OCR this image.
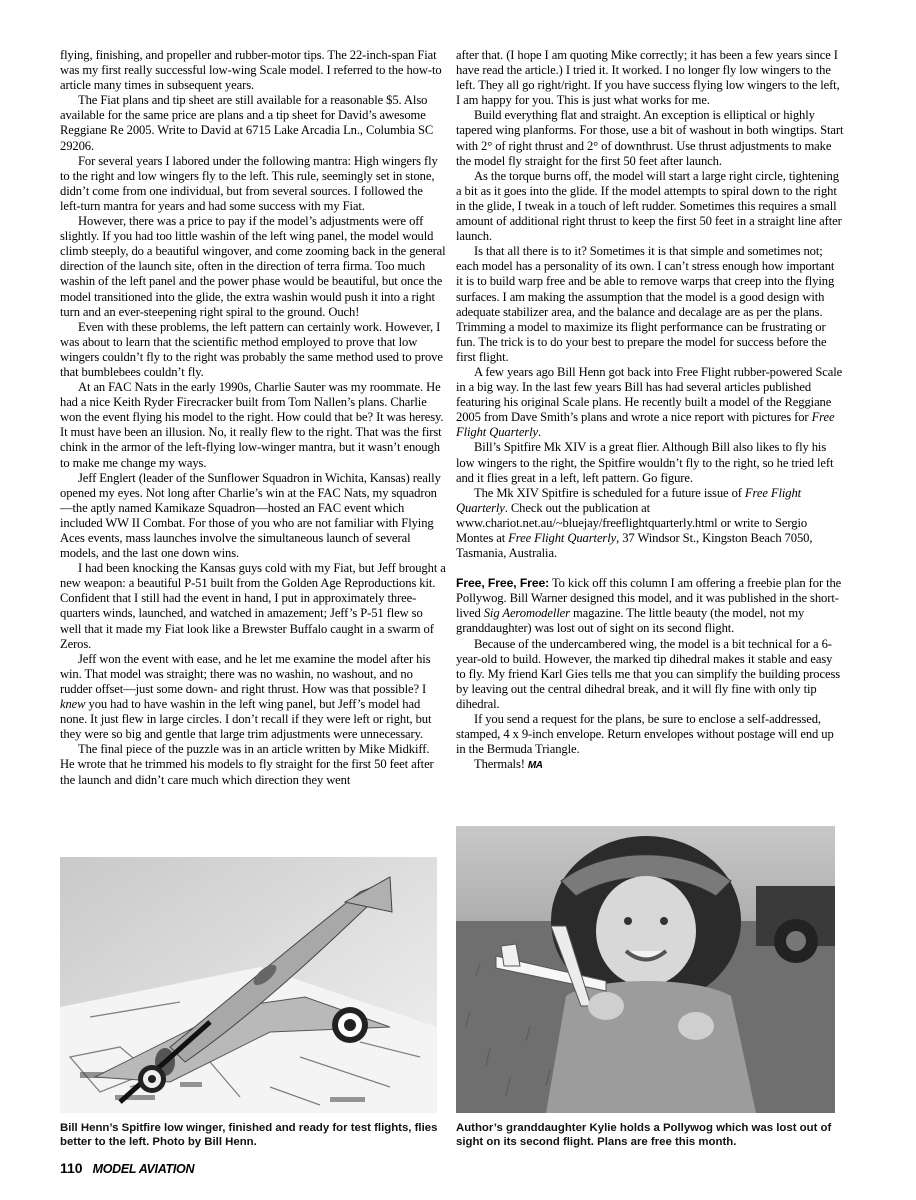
flying, finishing, and propeller and rubber-motor tips. The 22-inch-span Fiat was my first really successful low-wing Scale model. I referred to the how-to article many times in subsequent years.

The Fiat plans and tip sheet are still available for a reasonable $5. Also available for the same price are plans and a tip sheet for David’s awesome Reggiane Re 2005. Write to David at 6715 Lake Arcadia Ln., Columbia SC 29206.

For several years I labored under the following mantra: High wingers fly to the right and low wingers fly to the left. This rule, seemingly set in stone, didn’t come from one individual, but from several sources. I followed the left-turn mantra for years and had some success with my Fiat.

However, there was a price to pay if the model’s adjustments were off slightly. If you had too little washin of the left wing panel, the model would climb steeply, do a beautiful wingover, and come zooming back in the general direction of the launch site, often in the direction of terra firma. Too much washin of the left panel and the power phase would be beautiful, but once the model transitioned into the glide, the extra washin would push it into a right turn and an ever-steepening right spiral to the ground. Ouch!

Even with these problems, the left pattern can certainly work. However, I was about to learn that the scientific method employed to prove that low wingers couldn’t fly to the right was probably the same method used to prove that bumblebees couldn’t fly.

At an FAC Nats in the early 1990s, Charlie Sauter was my roommate. He had a nice Keith Ryder Firecracker built from Tom Nallen’s plans. Charlie won the event flying his model to the right. How could that be? It was heresy. It must have been an illusion. No, it really flew to the right. That was the first chink in the armor of the left-flying low-winger mantra, but it wasn’t enough to make me change my ways.

Jeff Englert (leader of the Sunflower Squadron in Wichita, Kansas) really opened my eyes. Not long after Charlie’s win at the FAC Nats, my squadron—the aptly named Kamikaze Squadron—hosted an FAC event which included WW II Combat. For those of you who are not familiar with Flying Aces events, mass launches involve the simultaneous launch of several models, and the last one down wins.

I had been knocking the Kansas guys cold with my Fiat, but Jeff brought a new weapon: a beautiful P-51 built from the Golden Age Reproductions kit. Confident that I still had the event in hand, I put in approximately three-quarters winds, launched, and watched in amazement; Jeff’s P-51 flew so well that it made my Fiat look like a Brewster Buffalo caught in a swarm of Zeros.

Jeff won the event with ease, and he let me examine the model after his win. That model was straight; there was no washin, no washout, and no rudder offset—just some down- and right thrust. How was that possible? I knew you had to have washin in the left wing panel, but Jeff’s model had none. It just flew in large circles. I don’t recall if they were left or right, but they were so big and gentle that large trim adjustments were unnecessary.

The final piece of the puzzle was in an article written by Mike Midkiff. He wrote that he trimmed his models to fly straight for the first 50 feet after the launch and didn’t care much which direction they went

after that. (I hope I am quoting Mike correctly; it has been a few years since I have read the article.) I tried it. It worked. I no longer fly low wingers to the left. They all go right/right. If you have success flying low wingers to the left, I am happy for you. This is just what works for me.

Build everything flat and straight. An exception is elliptical or highly tapered wing planforms. For those, use a bit of washout in both wingtips. Start with 2° of right thrust and 2° of downthrust. Use thrust adjustments to make the model fly straight for the first 50 feet after launch.

As the torque burns off, the model will start a large right circle, tightening a bit as it goes into the glide. If the model attempts to spiral down to the right in the glide, I tweak in a touch of left rudder. Sometimes this requires a small amount of additional right thrust to keep the first 50 feet in a straight line after launch.

Is that all there is to it? Sometimes it is that simple and sometimes not; each model has a personality of its own. I can’t stress enough how important it is to build warp free and be able to remove warps that creep into the flying surfaces. I am making the assumption that the model is a good design with adequate stabilizer area, and the balance and decalage are as per the plans. Trimming a model to maximize its flight performance can be frustrating or fun. The trick is to do your best to prepare the model for success before the first flight.

A few years ago Bill Henn got back into Free Flight rubber-powered Scale in a big way. In the last few years Bill has had several articles published featuring his original Scale plans. He recently built a model of the Reggiane 2005 from Dave Smith’s plans and wrote a nice report with pictures for Free Flight Quarterly.

Bill’s Spitfire Mk XIV is a great flier. Although Bill also likes to fly his low wingers to the right, the Spitfire wouldn’t fly to the right, so he tried left and it flies great in a left, left pattern. Go figure.

The Mk XIV Spitfire is scheduled for a future issue of Free Flight Quarterly. Check out the publication at www.chariot.net.au/~bluejay/freeflightquarterly.html or write to Sergio Montes at Free Flight Quarterly, 37 Windsor St., Kingston Beach 7050, Tasmania, Australia.

Free, Free, Free: To kick off this column I am offering a freebie plan for the Pollywog. Bill Warner designed this model, and it was published in the short-lived Sig Aeromodeller magazine. The little beauty (the model, not my granddaughter) was lost out of sight on its second flight.

Because of the undercambered wing, the model is a bit technical for a 6-year-old to build. However, the marked tip dihedral makes it stable and easy to fly. My friend Karl Gies tells me that you can simplify the building process by leaving out the central dihedral break, and it will fly fine with only tip dihedral.

If you send a request for the plans, be sure to enclose a self-addressed, stamped, 4 x 9-inch envelope. Return envelopes without postage will end up in the Bermuda Triangle.

Thermals! MA

Bill Henn’s Spitfire low winger, finished and ready for test flights, flies better to the left. Photo by Bill Henn.
Author’s granddaughter Kylie holds a Pollywog which was lost out of sight on its second flight. Plans are free this month.
110 MODEL AVIATION
